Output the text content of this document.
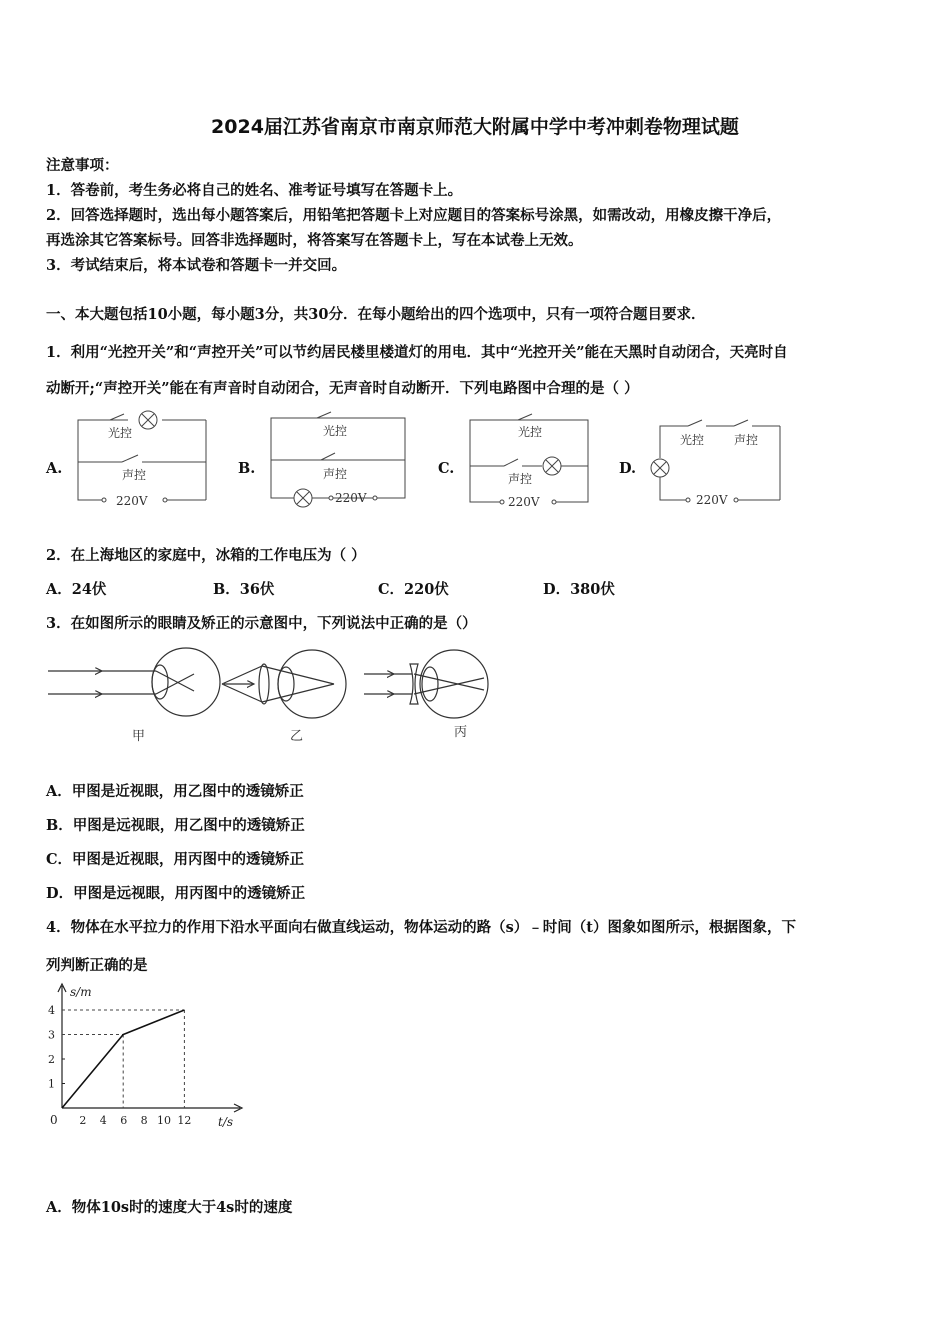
2024届江苏省南京市南京师范大附属中学中考冲刺卷物理试题
注意事项：
1．答卷前，考生务必将自己的姓名、准考证号填写在答题卡上。
2．回答选择题时，选出每小题答案后，用铅笔把答题卡上对应题目的答案标号涂黑，如需改动，用橡皮擦干净后，
再选涂其它答案标号。回答非选择题时，将答案写在答题卡上，写在本试卷上无效。
3．考试结束后，将本试卷和答题卡一并交回。
一、本大题包括10小题，每小题3分，共30分．在每小题给出的四个选项中，只有一项符合题目要求．
1．利用“光控开关”和“声控开关”可以节约居民楼里楼道灯的用电．其中“光控开关”能在天黑时自动闭合，天亮时自
动断开;“声控开关”能在有声音时自动闭合，无声音时自动断开．下列电路图中合理的是（ ）
A.	B.	C.	D.
光控
声控
220V
光控
声控
220V
光控
声控
220V
光控 声控
220V
2．在上海地区的家庭中，冰箱的工作电压为（ ）
A．24伏	B．36伏	C．220伏	D．380伏
3．在如图所示的眼睛及矫正的示意图中，下列说法中正确的是（）
甲	乙	丙
A．甲图是近视眼，用乙图中的透镜矫正
B．甲图是远视眼，用乙图中的透镜矫正
C．甲图是近视眼，用丙图中的透镜矫正
D．甲图是远视眼，用丙图中的透镜矫正
4．物体在水平拉力的作用下沿水平面向右做直线运动，物体运动的路（s）﹣时间（t）图象如图所示，根据图象，下
列判断正确的是
2 4 6 8 10 12
1
2
3
4
s/m
t/s
0
A．物体10s时的速度大于4s时的速度
